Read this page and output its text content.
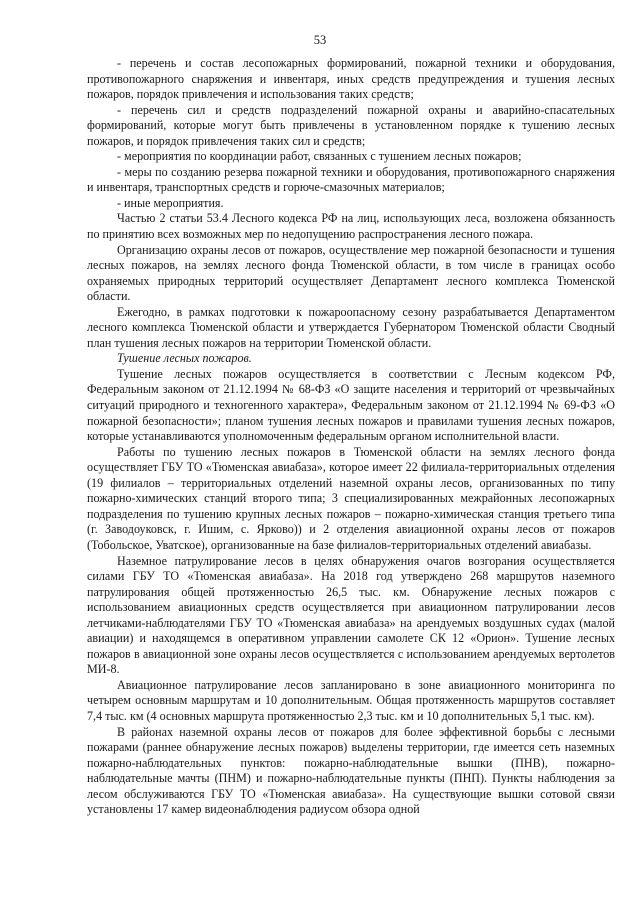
53

- перечень и состав лесопожарных формирований, пожарной техники и оборудования, противопожарного снаряжения и инвентаря, иных средств предупреждения и тушения лесных пожаров, порядок привлечения и использования таких средств;

- перечень сил и средств подразделений пожарной охраны и аварийно-спасательных формирований, которые могут быть привлечены в установленном порядке к тушению лесных пожаров, и порядок привлечения таких сил и средств;

- мероприятия по координации работ, связанных с тушением лесных пожаров;

- меры по созданию резерва пожарной техники и оборудования, противопожарного снаряжения и инвентаря, транспортных средств и горюче-смазочных материалов;

- иные мероприятия.

Частью 2 статьи 53.4 Лесного кодекса РФ на лиц, использующих леса, возложена обязанность по принятию всех возможных мер по недопущению распространения лесного пожара.

Организацию охраны лесов от пожаров, осуществление мер пожарной безопасности и тушения лесных пожаров, на землях лесного фонда Тюменской области, в том числе в границах особо охраняемых природных территорий осуществляет Департамент лесного комплекса Тюменской области.

Ежегодно, в рамках подготовки к пожароопасному сезону разрабатывается Департаментом лесного комплекса Тюменской области и утверждается Губернатором Тюменской области Сводный план тушения лесных пожаров на территории Тюменской области.

Тушение лесных пожаров.

Тушение лесных пожаров осуществляется в соответствии с Лесным кодексом РФ, Федеральным законом от 21.12.1994 № 68-ФЗ «О защите населения и территорий от чрезвычайных ситуаций природного и техногенного характера», Федеральным законом от 21.12.1994 № 69-ФЗ «О пожарной безопасности»; планом тушения лесных пожаров и правилами тушения лесных пожаров, которые устанавливаются уполномоченным федеральным органом исполнительной власти.

Работы по тушению лесных пожаров в Тюменской области на землях лесного фонда осуществляет ГБУ ТО «Тюменская авиабаза», которое имеет 22 филиала-территориальных отделения (19 филиалов – территориальных отделений наземной охраны лесов, организованных по типу пожарно-химических станций второго типа; 3 специализированных межрайонных лесопожарных подразделения по тушению крупных лесных пожаров – пожарно-химическая станция третьего типа (г. Заводоуковск, г. Ишим, с. Ярково)) и 2 отделения авиационной охраны лесов от пожаров (Тобольское, Уватское), организованные на базе филиалов-территориальных отделений авиабазы.

Наземное патрулирование лесов в целях обнаружения очагов возгорания осуществляется силами ГБУ ТО «Тюменская авиабаза». На 2018 год утверждено 268 маршрутов наземного патрулирования общей протяженностью 26,5 тыс. км. Обнаружение лесных пожаров с использованием авиационных средств осуществляется при авиационном патрулировании лесов летчиками-наблюдателями ГБУ ТО «Тюменская авиабаза» на арендуемых воздушных судах (малой авиации) и находящемся в оперативном управлении самолете СК 12 «Орион». Тушение лесных пожаров в авиационной зоне охраны лесов осуществляется с использованием арендуемых вертолетов МИ-8.

Авиационное патрулирование лесов запланировано в зоне авиационного мониторинга по четырем основным маршрутам и 10 дополнительным. Общая протяженность маршрутов составляет 7,4 тыс. км (4 основных маршрута протяженностью 2,3 тыс. км и 10 дополнительных 5,1 тыс. км).

В районах наземной охраны лесов от пожаров для более эффективной борьбы с лесными пожарами (раннее обнаружение лесных пожаров) выделены территории, где имеется сеть наземных пожарно-наблюдательных пунктов: пожарно-наблюдательные вышки (ПНВ), пожарно-наблюдательные мачты (ПНМ) и пожарно-наблюдательные пункты (ПНП). Пункты наблюдения за лесом обслуживаются ГБУ ТО «Тюменская авиабаза». На существующие вышки сотовой связи установлены 17 камер видеонаблюдения радиусом обзора одной
